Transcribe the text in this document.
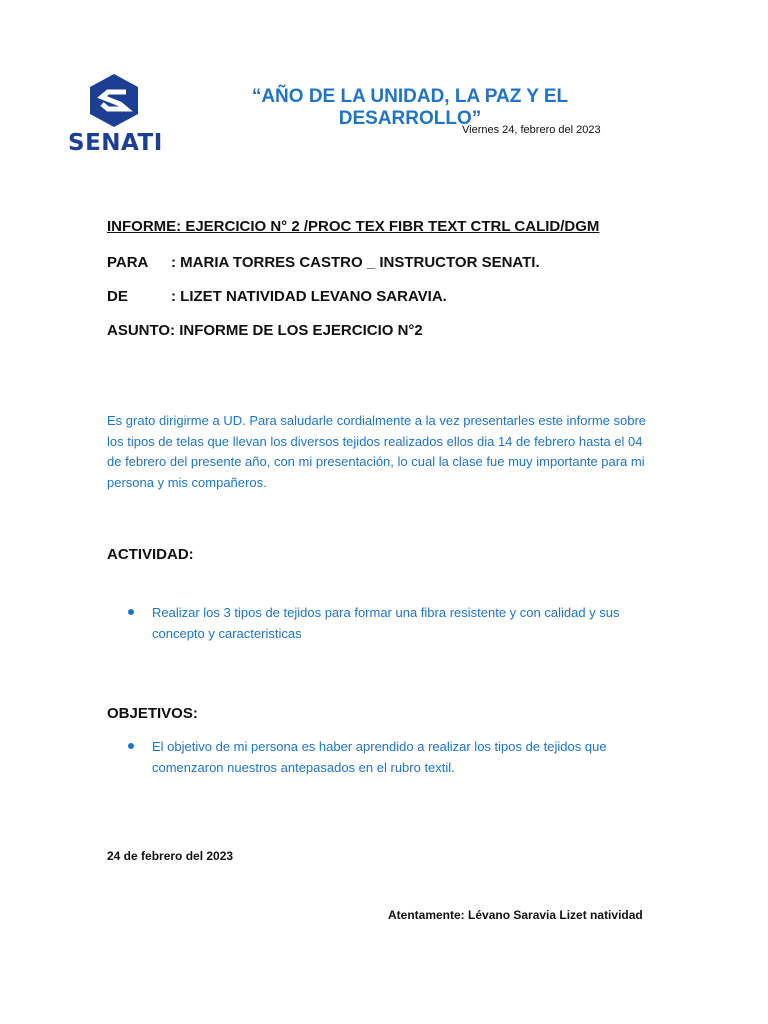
SENATI
“AÑO DE LA UNIDAD, LA PAZ Y EL DESARROLLO”
Viernes 24, febrero del 2023
INFORME: EJERCICIO N° 2 /PROC TEX FIBR TEXT CTRL CALID/DGM
PARA : MARIA TORRES CASTRO _ INSTRUCTOR SENATI.
DE	: LIZET NATIVIDAD LEVANO SARAVIA.
ASUNTO: INFORME DE LOS EJERCICIO N°2
Es grato dirigirme a UD. Para saludarle cordialmente a la vez presentarles este informe sobre los tipos de telas que llevan los diversos tejidos realizados ellos dia 14 de febrero hasta el 04 de febrero del presente año, con mi presentación, lo cual la clase fue muy importante para mi persona y mis compañeros.
ACTIVIDAD:
Realizar los 3 tipos de tejidos para formar una fibra resistente y con calidad y sus concepto y caracteristicas
OBJETIVOS:
El objetivo de mi persona es haber aprendido a realizar los tipos de tejidos que comenzaron nuestros antepasados en el rubro textil.
24 de febrero del 2023
Atentamente: Lévano Saravia Lizet natividad
